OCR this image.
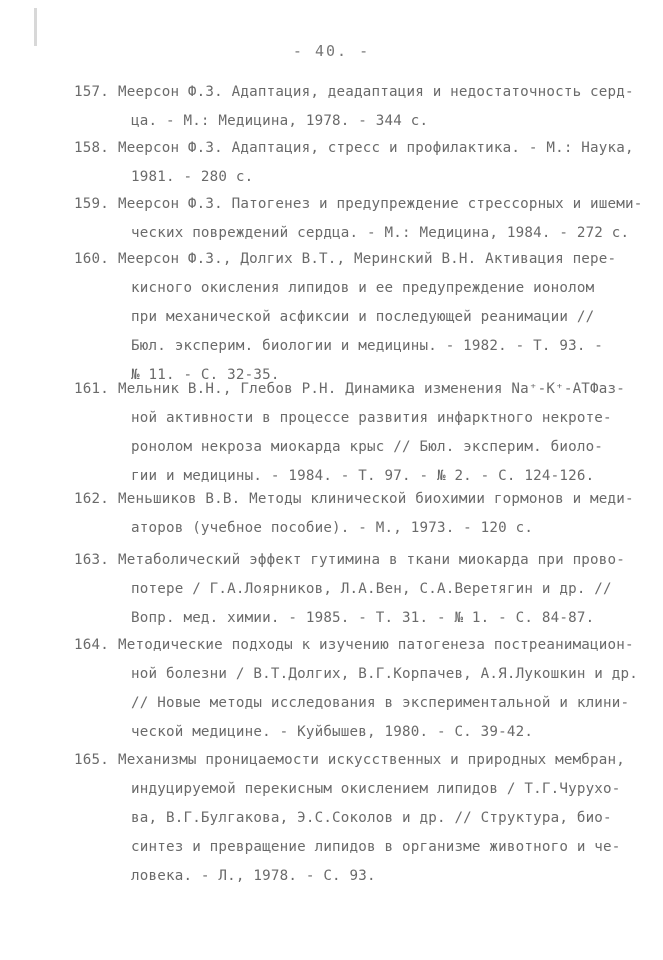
- 40. -
157. Меерсон Ф.З. Адаптация, деадаптация и недостаточность серд-
ца. - М.: Медицина, 1978. - 344 с.
158. Меерсон Ф.З. Адаптация, стресс и профилактика. - М.: Наука,
1981. - 280 с.
159. Меерсон Ф.З. Патогенез и предупреждение стрессорных и ишеми-
ческих повреждений сердца. - М.: Медицина, 1984. - 272 с.
160. Меерсон Ф.З., Долгих В.Т., Меринский В.Н. Активация пере-
кисного окисления липидов и ее предупреждение ионолом
при механической асфиксии и последующей реанимации //
Бюл. эксперим. биологии и медицины. - 1982. - Т. 93. -
№ 11. - С. 32-35.
161. Мельник В.Н., Глебов Р.Н. Динамика изменения Na⁺-K⁺-АТФаз-
ной активности в процессе развития инфарктного некроте-
ронолом некроза миокарда крыс // Бюл. эксперим. биоло-
гии и медицины. - 1984. - Т. 97. - № 2. - С. 124-126.
162. Меньшиков В.В. Методы клинической биохимии гормонов и меди-
аторов (учебное пособие). - М., 1973. - 120 с.
163. Метаболический эффект гутимина в ткани миокарда при прово-
потере / Г.А.Лоярников, Л.А.Вен, С.А.Веретягин и др. //
Вопр. мед. химии. - 1985. - Т. 31. - № 1. - С. 84-87.
164. Методические подходы к изучению патогенеза постреанимацион-
ной болезни / В.Т.Долгих, В.Г.Корпачев, А.Я.Лукошкин и др.
// Новые методы исследования в экспериментальной и клини-
ческой медицине. - Куйбышев, 1980. - С. 39-42.
165. Механизмы проницаемости искусственных и природных мембран,
индуцируемой перекисным окислением липидов / Т.Г.Чурухо-
ва, В.Г.Булгакова, Э.С.Соколов и др. // Структура, био-
синтез и превращение липидов в организме животного и че-
ловека. - Л., 1978. - С. 93.
